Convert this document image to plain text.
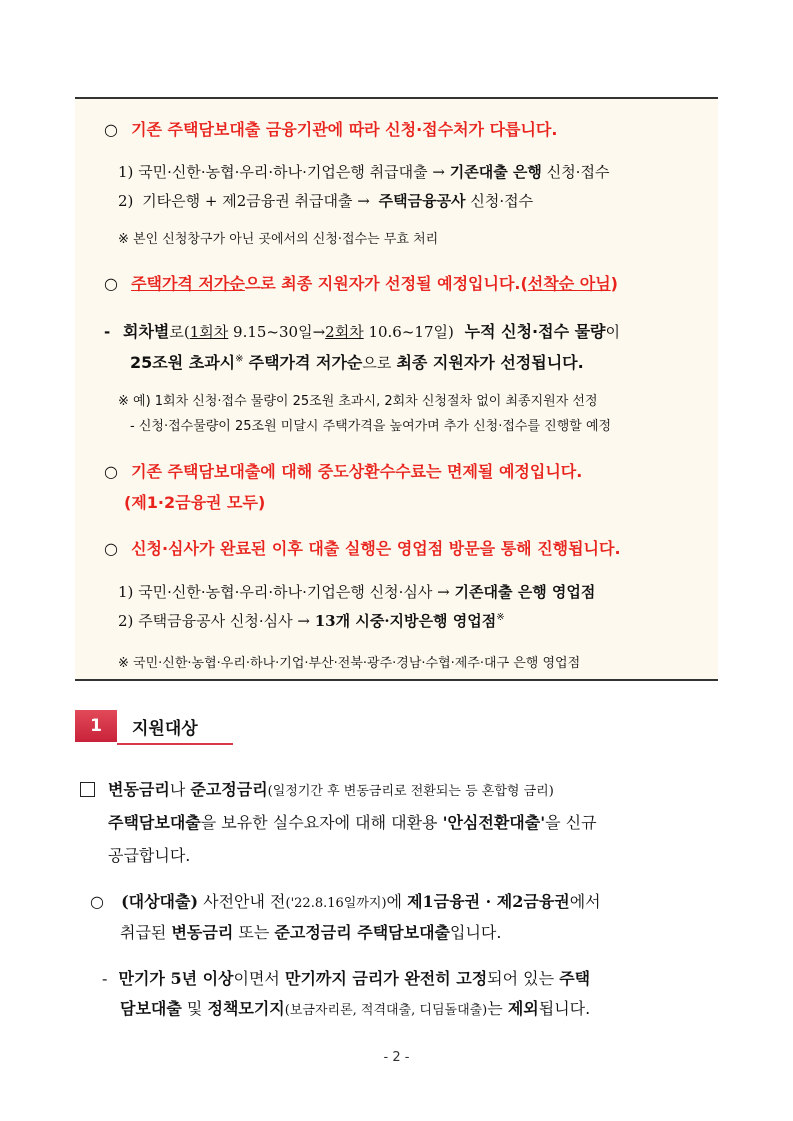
○ 기존 주택담보대출 금융기관에 따라 신청·접수처가 다릅니다.
1) 국민·신한·농협·우리·하나·기업은행 취급대출 → 기존대출 은행 신청·접수
2) 기타은행 + 제2금융권 취급대출 → 주택금융공사 신청·접수
※ 본인 신청창구가 아닌 곳에서의 신청·접수는 무효 처리
○ 주택가격 저가순으로 최종 지원자가 선정될 예정입니다.(선착순 아님)
- 회차별로(1회차 9.15~30일→2회차 10.6~17일) 누적 신청·접수 물량이
25조원 초과시※ 주택가격 저가순으로 최종 지원자가 선정됩니다.
※ 예) 1회차 신청·접수 물량이 25조원 초과시, 2회차 신청절차 없이 최종지원자 선정
- 신청·접수물량이 25조원 미달시 주택가격을 높여가며 추가 신청·접수를 진행할 예정
○ 기존 주택담보대출에 대해 중도상환수수료는 면제될 예정입니다.
(제1·2금융권 모두)
○ 신청·심사가 완료된 이후 대출 실행은 영업점 방문을 통해 진행됩니다.
1) 국민·신한·농협·우리·하나·기업은행 신청·심사 → 기존대출 은행 영업점
2) 주택금융공사 신청·심사 → 13개 시중·지방은행 영업점※
※ 국민·신한·농협·우리·하나·기업·부산·전북·광주·경남·수협·제주·대구 은행 영업점
1	지원대상
변동금리나 준고정금리(일정기간 후 변동금리로 전환되는 등 혼합형 금리)
주택담보대출을 보유한 실수요자에 대해 대환용 '안심전환대출'을 신규
공급합니다.
○ (대상대출) 사전안내 전('22.8.16일까지)에 제1금융권 · 제2금융권에서
취급된 변동금리 또는 준고정금리 주택담보대출입니다.
- 만기가 5년 이상이면서 만기까지 금리가 완전히 고정되어 있는 주택
담보대출 및 정책모기지(보금자리론, 적격대출, 디딤돌대출)는 제외됩니다.
- 2 -
